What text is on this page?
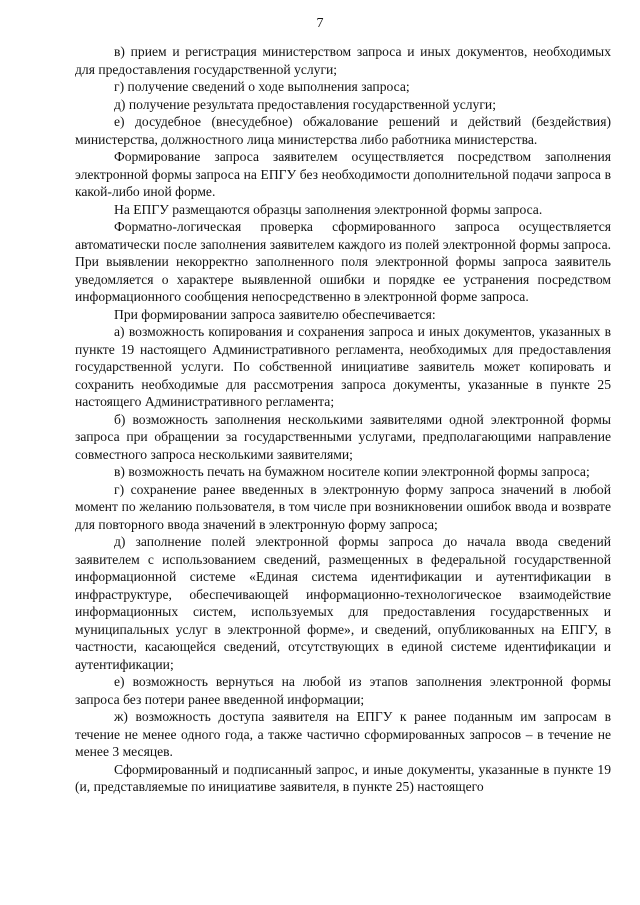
7

в) прием и регистрация министерством запроса и иных документов, необходимых для предоставления государственной услуги;

г) получение сведений о ходе выполнения запроса;

д) получение результата предоставления государственной услуги;

е) досудебное (внесудебное) обжалование решений и действий (бездействия) министерства, должностного лица министерства либо работника министерства.

Формирование запроса заявителем осуществляется посредством заполнения электронной формы запроса на ЕПГУ без необходимости дополнительной подачи запроса в какой-либо иной форме.

На ЕПГУ размещаются образцы заполнения электронной формы запроса.

Форматно-логическая проверка сформированного запроса осуществляется автоматически после заполнения заявителем каждого из полей электронной формы запроса. При выявлении некорректно заполненного поля электронной формы запроса заявитель уведомляется о характере выявленной ошибки и порядке ее устранения посредством информационного сообщения непосредственно в электронной форме запроса.

При формировании запроса заявителю обеспечивается:

а) возможность копирования и сохранения запроса и иных документов, указанных в пункте 19 настоящего Административного регламента, необходимых для предоставления государственной услуги. По собственной инициативе заявитель может копировать и сохранить необходимые для рассмотрения запроса документы, указанные в пункте 25 настоящего Административного регламента;

б) возможность заполнения несколькими заявителями одной электронной формы запроса при обращении за государственными услугами, предполагающими направление совместного запроса несколькими заявителями;

в) возможность печать на бумажном носителе копии электронной формы запроса;

г) сохранение ранее введенных в электронную форму запроса значений в любой момент по желанию пользователя, в том числе при возникновении ошибок ввода и возврате для повторного ввода значений в электронную форму запроса;

д) заполнение полей электронной формы запроса до начала ввода сведений заявителем с использованием сведений, размещенных в федеральной государственной информационной системе «Единая система идентификации и аутентификации в инфраструктуре, обеспечивающей информационно-технологическое взаимодействие информационных систем, используемых для предоставления государственных и муниципальных услуг в электронной форме», и сведений, опубликованных на ЕПГУ, в частности, касающейся сведений, отсутствующих в единой системе идентификации и аутентификации;

е) возможность вернуться на любой из этапов заполнения электронной формы запроса без потери ранее введенной информации;

ж) возможность доступа заявителя на ЕПГУ к ранее поданным им запросам в течение не менее одного года, а также частично сформированных запросов – в течение не менее 3 месяцев.

Сформированный и подписанный запрос, и иные документы, указанные в пункте 19 (и, представляемые по инициативе заявителя, в пункте 25) настоящего
